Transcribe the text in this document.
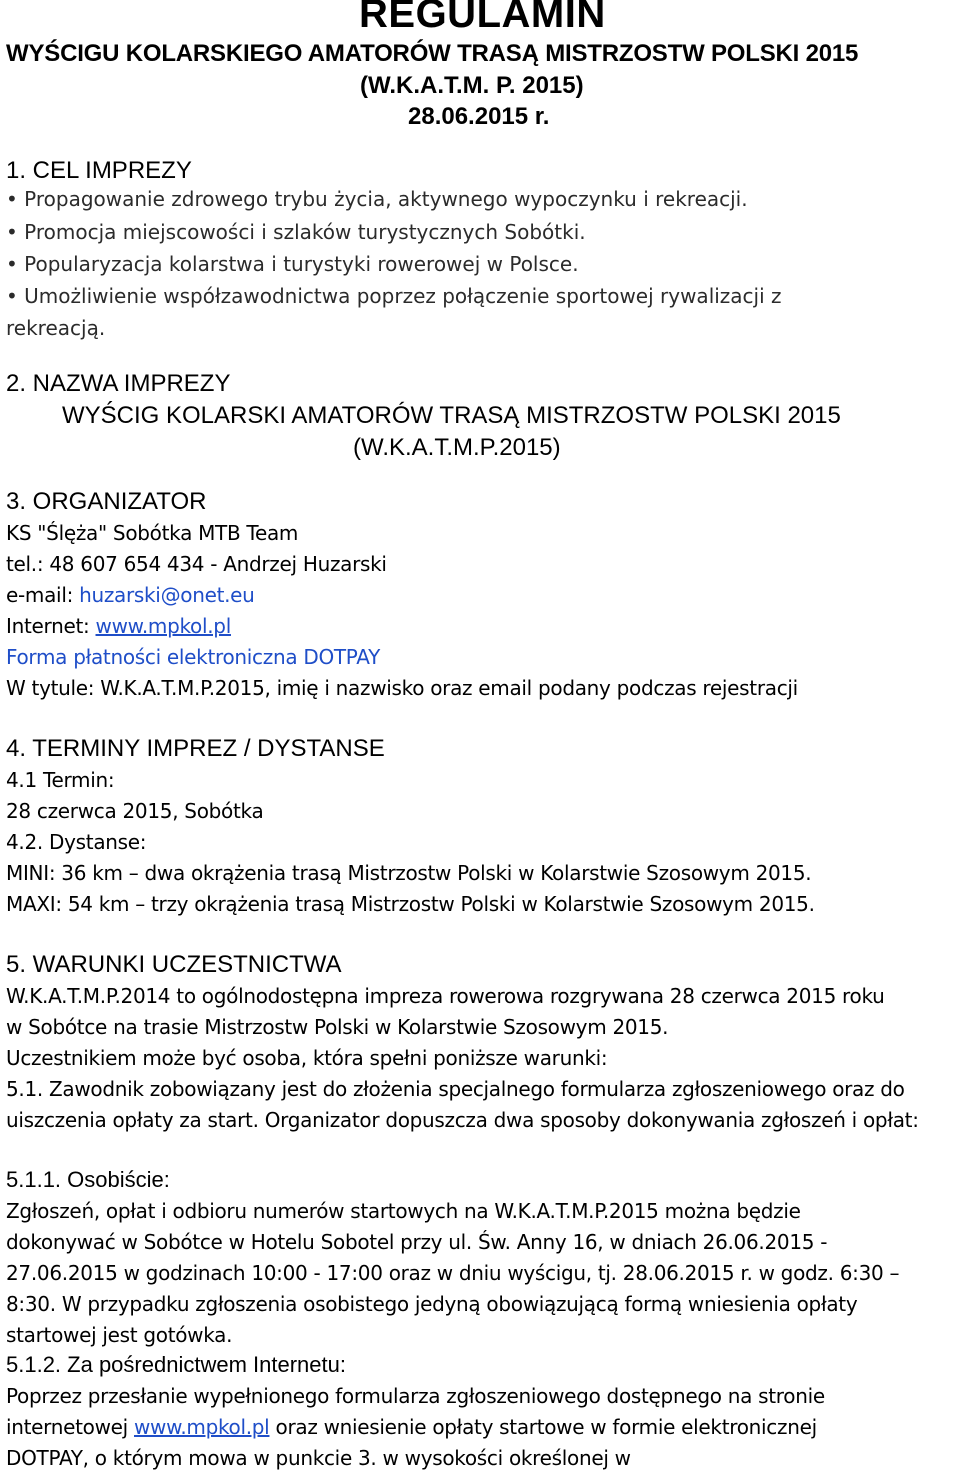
REGULAMIN
WYŚCIGU KOLARSKIEGO AMATORÓW TRASĄ MISTRZOSTW POLSKI 2015
(W.K.A.T.M. P. 2015)
28.06.2015 r.
1. CEL IMPREZY
• Propagowanie zdrowego trybu życia, aktywnego wypoczynku i rekreacji.
• Promocja miejscowości i szlaków turystycznych Sobótki.
• Popularyzacja kolarstwa i turystyki rowerowej w Polsce.
• Umożliwienie współzawodnictwa poprzez połączenie sportowej rywalizacji z
rekreacją.
2. NAZWA IMPREZY
WYŚCIG KOLARSKI AMATORÓW TRASĄ MISTRZOSTW POLSKI 2015
(W.K.A.T.M.P.2015)
3. ORGANIZATOR
KS "Ślęża" Sobótka MTB Team
tel.: 48 607 654 434 - Andrzej Huzarski
e-mail: huzarski@onet.eu
Internet: www.mpkol.pl
Forma płatności elektroniczna DOTPAY
W tytule: W.K.A.T.M.P.2015, imię i nazwisko oraz email podany podczas rejestracji
4. TERMINY IMPREZ / DYSTANSE
4.1 Termin:
28 czerwca 2015, Sobótka
4.2. Dystanse:
MINI: 36 km – dwa okrążenia trasą Mistrzostw Polski w Kolarstwie Szosowym 2015.
MAXI: 54 km – trzy okrążenia trasą Mistrzostw Polski w Kolarstwie Szosowym 2015.
5. WARUNKI UCZESTNICTWA
W.K.A.T.M.P.2014 to ogólnodostępna impreza rowerowa rozgrywana 28 czerwca 2015 roku
w Sobótce na trasie Mistrzostw Polski w Kolarstwie Szosowym 2015.
Uczestnikiem może być osoba, która spełni poniższe warunki:
5.1. Zawodnik zobowiązany jest do złożenia specjalnego formularza zgłoszeniowego oraz do
uiszczenia opłaty za start. Organizator dopuszcza dwa sposoby dokonywania zgłoszeń i opłat:
5.1.1. Osobiście:
Zgłoszeń, opłat i odbioru numerów startowych na W.K.A.T.M.P.2015 można będzie
dokonywać w Sobótce w Hotelu Sobotel przy ul. Św. Anny 16, w dniach 26.06.2015 -
27.06.2015 w godzinach 10:00 - 17:00 oraz w dniu wyścigu, tj. 28.06.2015 r. w godz. 6:30 –
8:30. W przypadku zgłoszenia osobistego jedyną obowiązującą formą wniesienia opłaty
startowej jest gotówka.
5.1.2. Za pośrednictwem Internetu:
Poprzez przesłanie wypełnionego formularza zgłoszeniowego dostępnego na stronie
internetowej www.mpkol.pl oraz wniesienie opłaty startowe w formie elektronicznej
DOTPAY, o którym mowa w punkcie 3. w wysokości określonej w
